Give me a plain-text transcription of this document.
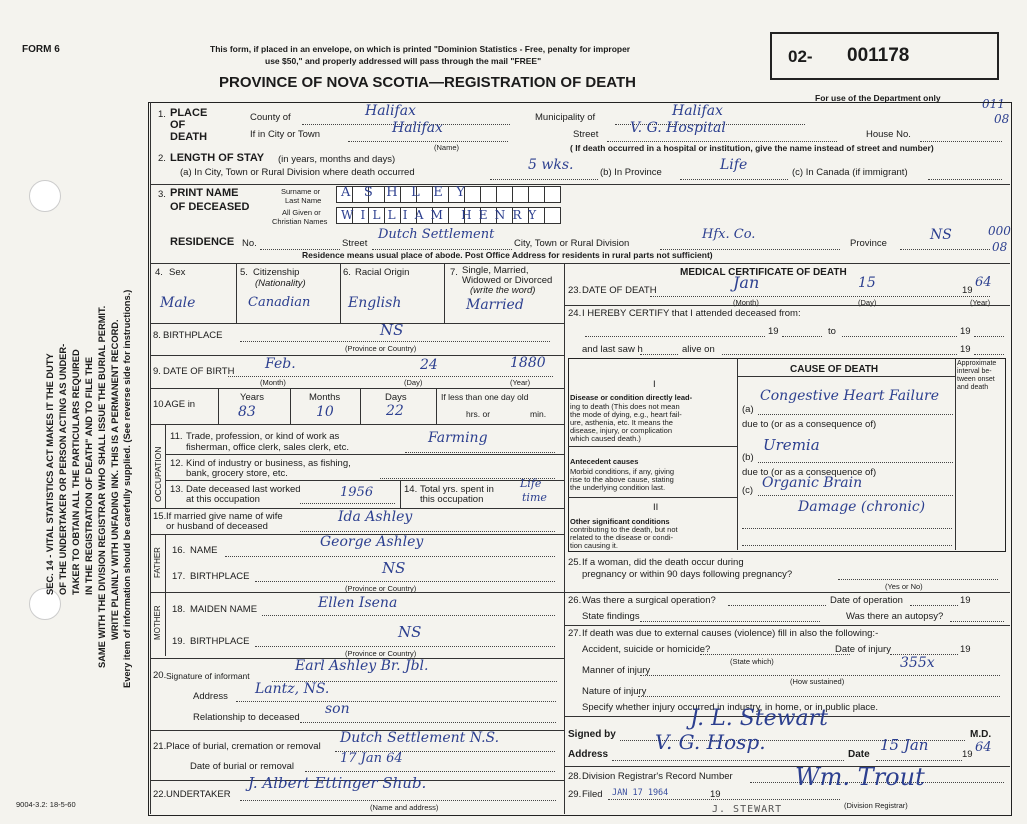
FORM 6	This form, if placed in an envelope, on which is printed "Dominion Statistics - Free, penalty for improper
use $50," and properly addressed will pass through the mail "FREE"
PROVINCE OF NOVA SCOTIA—REGISTRATION OF DEATH
02- 001178
For use of the Department only	011
08
000
08
SEC. 14 - VITAL STATISTICS ACT MAKES IT THE DUTY OF THE UNDERTAKER OR PERSON ACTING AS UNDER- TAKER TO OBTAIN ALL THE PARTICULARS REQUIRED IN THE REGISTRATION OF DEATH" AND TO FILE THE SAME WITH THE DIVISION REGISTRAR WHO SHALL ISSUE THE BURIAL PERMIT. WRITE PLAINLY WITH UNFADING INK. THIS IS A PERMANENT RECORD. Every item of information should be carefully supplied. (See reverse side for instructions.)
1. PLACE
OF
DEATH
County of	Halifax	Municipality of	Halifax
If in City or Town	Halifax
(Name)
Street V. G. Hospital	House No.
( If death occurred in a hospital or institution, give the name instead of street and number)
2. LENGTH OF STAY (in years, months and days)
(a) In City, Town or Rural Division where death occurred	5 wks.	(b) In Province	Life	(c) In Canada (if immigrant)
3. PRINT NAME
OF DECEASED
Surname or
Last Name
All Given or
Christian Names
ASHLEY
WILLIAM HENRY
RESIDENCE No.	Street
Dutch Settlement
City, Town or Rural Division
Hfx. Co.
Province
NS
Residence means usual place of abode. Post Office Address for residents in rural parts not sufficient)
4. Sex
Male
5. Citizenship
(Nationality)
Canadian
6. Racial Origin
English
7. Single, Married,
Widowed or Divorced
(write the word)
Married
8. BIRTHPLACE	NS
(Province or Country)
9. DATE OF BIRTH Feb.	24	1880
(Month)	(Day)	(Year)
10.
AGE in
Years
83
Months
10
Days
22
If less than one day old
hrs. or	min.
OCCUPATION
11. Trade, profession, or kind of work as
fisherman, office clerk, sales clerk, etc.
Farming
12. Kind of industry or business, as fishing,
bank, grocery store, etc.
13. Date deceased last worked
at this occupation	1956	14. Total yrs. spent in
this occupation
Life
time
15. If married give name of wife
or husband of deceased
Ida Ashley
FATHER 16. NAME
George Ashley
17. BIRTHPLACE	NS
(Province or Country)
MOTHER 18. MAIDEN NAME	Ellen Isena
19. BIRTHPLACE
NS
(Province or Country)
20. Signature of informant
Earl Ashley Br. Jbl.
Address Lantz, NS.
Relationship to deceased
son
21. Place of burial, cremation or removal
Dutch Settlement N.S.
Date of burial or removal
17 Jan 64
22. UNDERTAKER
J. Albert Ettinger Shub.
(Name and address)
9004-3.2: 18-5-60
MEDICAL CERTIFICATE OF DEATH
23. DATE OF DEATH	Jan	15	19
64
(Month)	(Day)	(Year)
24. I HEREBY CERTIFY that I attended deceased from:
19	to	19
and last saw h	alive on	19
CAUSE OF DEATH
Approximate interval be-tween onset and death
I
Disease or condition directly lead-
ing to death (This does not mean
the mode of dying, e.g., heart fail-
ure, asthenia, etc. It means the
disease, injury, or complication
which caused death.)
(a)
Congestive Heart Failure
due to (or as a consequence of)
Antecedent causes
Morbid conditions, if any, giving
rise to the above cause, stating
the underlying condition last.
(b)
Uremia
due to (or as a consequence of)
(c) Organic Brain
Damage (chronic)
II
Other significant conditions
contributing to the death, but not
related to the disease or condi-
tion causing it.
25. If a woman, did the death occur during
pregnancy or within 90 days following pregnancy?
(Yes or No)
26. Was there a surgical operation?	Date of operation	19
State findings	Was there an autopsy?
27. If death was due to external causes (violence) fill in also the following:-
Accident, suicide or homicide?
(State which)
Date of injury	19
Manner of injury	355x
(How sustained)
Nature of injury
Specify whether injury occurred in industry, in home, or in public place.
Signed by
J. L. Stewart
M.D.
Address
V. G. Hosp.
Date
15 Jan
19 64
28. Division Registrar's Record Number
29. Filed JAN 17 1964	19
Wm. Trout
(Division Registrar)
J. STEWART
